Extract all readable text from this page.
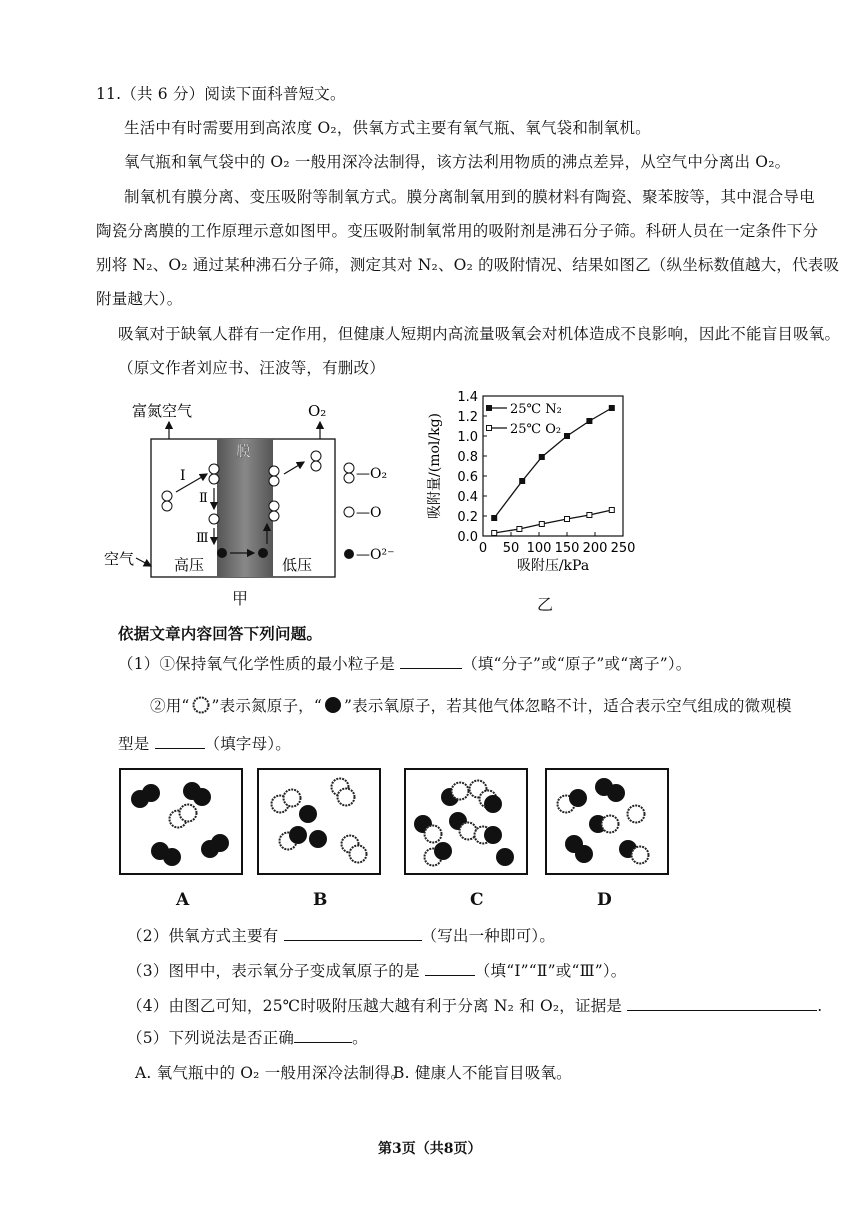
11.（共 6 分）阅读下面科普短文。
生活中有时需要用到高浓度 O₂，供氧方式主要有氧气瓶、氧气袋和制氧机。
氧气瓶和氧气袋中的 O₂ 一般用深冷法制得，该方法利用物质的沸点差异，从空气中分离出 O₂。
制氧机有膜分离、变压吸附等制氧方式。膜分离制氧用到的膜材料有陶瓷、聚苯胺等，其中混合导电
陶瓷分离膜的工作原理示意如图甲。变压吸附制氧常用的吸附剂是沸石分子筛。科研人员在一定条件下分
别将 N₂、O₂ 通过某种沸石分子筛，测定其对 N₂、O₂ 的吸附情况、结果如图乙（纵坐标数值越大，代表吸
附量越大）。
吸氧对于缺氧人群有一定作用，但健康人短期内高流量吸氧会对机体造成不良影响，因此不能盲目吸氧。
（原文作者刘应书、汪波等，有删改）
富氮空气	O₂
膜
Ⅰ
Ⅱ
Ⅲ
空气	高压	低压
—O₂
—O
—O²⁻
甲
0.0
0.2
0.4
0.6
0.8
1.0
1.2
1.4
0 50 100 150 200 250
吸附压/kPa
吸附量/(mol/kg)
25℃ N₂
25℃ O₂
乙
依据文章内容回答下列问题。
（1）①保持氧气化学性质的最小粒子是	（填“分子”或“原子”或“离子”）。
②用“ ”表示氮原子，“ ”表示氧原子，若其他气体忽略不计，适合表示空气组成的微观模
型是	（填字母）。
A	B	C	D
（2）供氧方式主要有	（写出一种即可）。
（3）图甲中，表示氧分子变成氧原子的是	（填“Ⅰ”“Ⅱ”或“Ⅲ”）。
（4）由图乙可知，25℃时吸附压越大越有利于分离 N₂ 和 O₂，证据是	.
（5）下列说法是否正确	。
A. 氧气瓶中的 O₂ 一般用深冷法制得。
B. 健康人不能盲目吸氧。
第3页（共8页）
